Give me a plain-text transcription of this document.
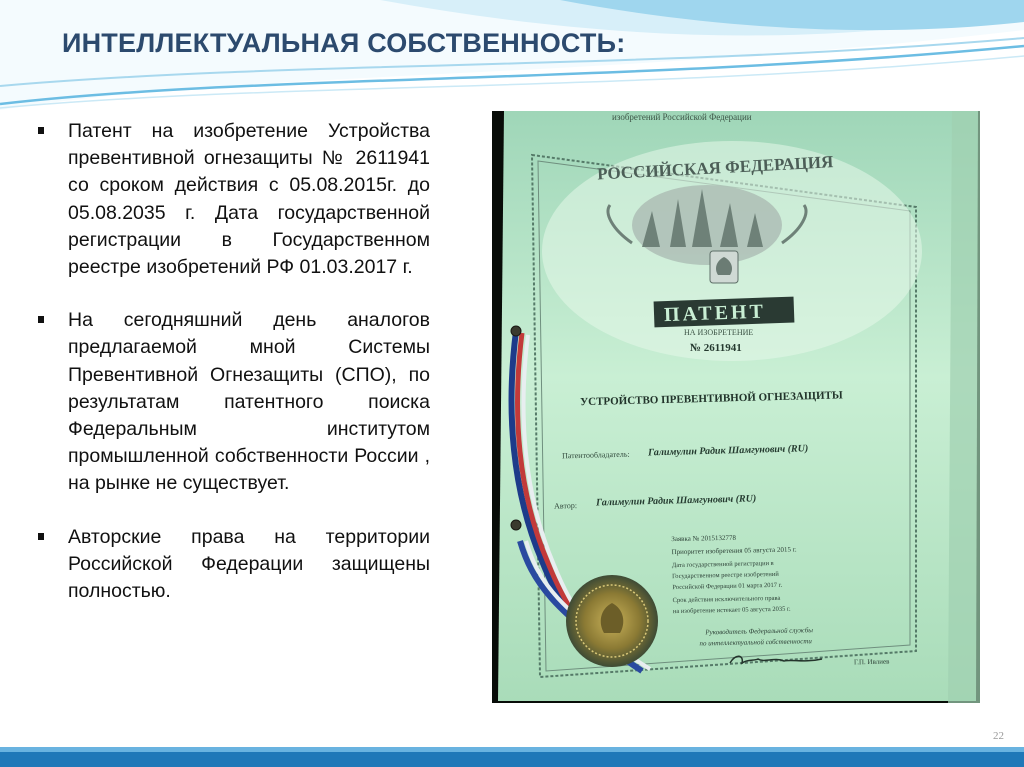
ИНТЕЛЛЕКТУАЛЬНАЯ СОБСТВЕННОСТЬ:
Патент на изобретение Устройства превентивной огнезащиты № 2611941 со сроком действия с 05.08.2015г. до 05.08.2035 г. Дата государственной регистрации в Государственном реестре изобретений РФ 01.03.2017 г.
На сегодняшний день аналогов предлагаемой мной Системы Превентивной Огнезащиты (СПО), по результатам патентного поиска Федеральным институтом промышленной собственности России , на рынке не существует.
Авторские права на территории Российской Федерации защищены полностью.
изобретений Российской Федерации
РОССИЙСКАЯ ФЕДЕРАЦИЯ
ПАТЕНТ
НА ИЗОБРЕТЕНИЕ
№ 2611941
УСТРОЙСТВО ПРЕВЕНТИВНОЙ ОГНЕЗАЩИТЫ
Патентообладатель: Галимулин Радик Шамгунович (RU)
Автор: Галимулин Радик Шамгунович (RU)
Заявка № 2015132778
Приоритет изобретения 05 августа 2015 г.
Дата государственной регистрации в
Государственном реестре изобретений
Российской Федерации 01 марта 2017 г.
Срок действия исключительного права
на изобретение истекает 05 августа 2035 г.
Руководитель Федеральной службы
по интеллектуальной собственности
Г.П. Ивлиев
22
